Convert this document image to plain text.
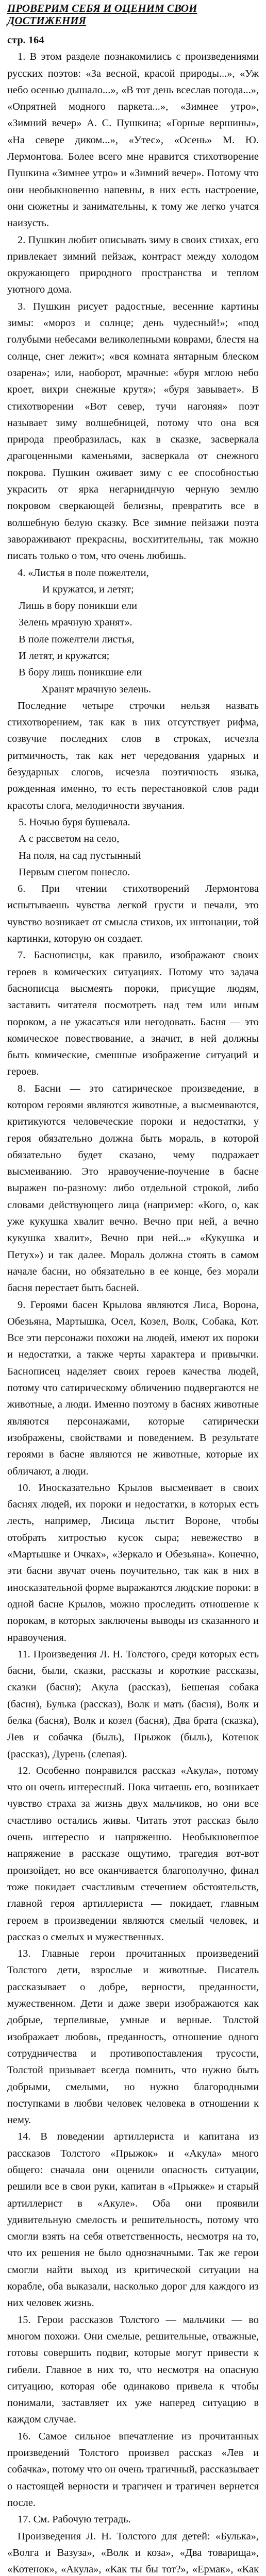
ПРОВЕРИМ СЕБЯ И ОЦЕНИМ СВОИ ДОСТИЖЕНИЯ

стр. 164

1. В этом разделе познакомились с произведениями русских поэтов: «За весной, красой природы...», «Уж небо осенью дышало...», «В тот день всеслав погода...», «Опрятней модного паркета...», «Зимнее утро», «Зимний вечер» А. С. Пушкина; «Горные вершины», «На севере диком...», «Утес», «Осень» М. Ю. Лермонтова. Более всего мне нравится стихотворение Пушкина «Зимнее утро» и «Зимний вечер». Потому что они необыкновенно напевны, в них есть настроение, они сюжетны и занимательны, к тому же легко учатся наизусть.

2. Пушкин любит описывать зиму в своих стихах, его привлекает зимний пейзаж, контраст между холодом окружающего природного пространства и теплом уютного дома.

3. Пушкин рисует радостные, весенние картины зимы: «мороз и солнце; день чудесный!»; «под голубыми небесами великолепными коврами, блестя на солнце, снег лежит»; «вся комната янтарным блеском озарена»; или, наоборот, мрачные: «буря мглою небо кроет, вихри снежные крутя»; «буря завывает». В стихотворении «Вот север, тучи нагоняя» поэт называет зиму волшебницей, потому что она вся природа преобразилась, как в сказке, засверкала драгоценными каменьями, засверкала от снежного покрова. Пушкин оживает зиму с ее способностью украсить от ярка негарниднчую черную землю покровом сверкающей белизны, превратить все в волшебную белую сказку. Все зимние пейзажи поэта завораживают прекрасны, восхитительны, так можно писать только о том, что очень любишь.

4. «Листья в поле пожелтели,

И кружатся, и летят;

Лишь в бору поникши ели

Зелень мрачную хранят».

В поле пожелтели листья,

И летят, и кружатся;

В бору лишь поникшие ели

Хранят мрачную зелень.

Последние четыре строчки нельзя назвать стихотворением, так как в них отсутствует рифма, созвучие последних слов в строках, исчезла ритмичность, так как нет чередования ударных и безударных слогов, исчезла поэтичность языка, рожденная именно, то есть перестановкой слов ради красоты слога, мелодичности звучания.

5. Ночью буря бушевала.

А с рассветом на село,

На поля, на сад пустынный

Первым снегом понесло.

6. При чтении стихотворений Лермонтова испытываешь чувства легкой грусти и печали, это чувство возникает от смысла стихов, их интонации, той картинки, которую он создает.

7. Баснописцы, как правило, изображают своих героев в комических ситуациях. Потому что задача баснописца высмеять пороки, присущие людям, заставить читателя посмотреть над тем или иным пороком, а не ужасаться или негодовать. Басня — это комическое повествование, а значит, в ней должны быть комические, смешные изображение ситуаций и героев.

8. Басни — это сатирическое произведение, в котором героями являются животные, а высмеиваются, критикуются человеческие пороки и недостатки, у героя обязательно должна быть мораль, в которой обязательно будет сказано, чему подражает высмеиванию. Это нравоучение-поучение в басне выражен по-разному: либо отдельной строкой, либо словами действующего лица (например: «Кого, о, как уже кукушка хвалит вечно. Вечно при ней, а вечно кукушка хвалит», Вечно при ней...» «Кукушка и Петух») и так далее. Мораль должна стоять в самом начале басни, но обязательно в ее конце, без морали басня перестает быть басней.

9. Героями басен Крылова являются Лиса, Ворона, Обезьяна, Мартышка, Осел, Козел, Волк, Собака, Кот. Все эти персонажи похожи на людей, имеют их пороки и недостатки, а также черты характера и привычки. Баснописец наделяет своих героев качества людей, потому что сатирическому обличению подвергаются не животные, а люди. Именно поэтому в баснях животные являются персонажами, которые сатирически изображены, свойствами и поведением. В результате героями в басне являются не животные, которые их обличают, а люди.

10. Иносказательно Крылов высмеивает в своих баснях людей, их пороки и недостатки, в которых есть лесть, например, Лисица льстит Вороне, чтобы отобрать хитростью кусок сыра; невежество в «Мартышке и Очках», «Зеркало и Обезьяна». Конечно, эти басни звучат очень поучительно, так как в них в иносказательной форме выражаются людские пороки: в одной басне Крылов, можно проследить отношение к порокам, в которых заключены выводы из сказанного и нравоучения.

11. Произведения Л. Н. Толстого, среди которых есть басни, были, сказки, рассказы и короткие рассказы, сказки (басня); Акула (рассказ), Бешеная собака (басня), Булька (рассказ), Волк и мать (басня), Волк и белка (басня), Волк и козел (басня), Два брата (сказка), Лев и собачка (быль), Прыжок (быль), Котенок (рассказ), Дурень (слепая).

12. Особенно понравился рассказ «Акула», потому что он очень интересный. Пока читаешь его, возникает чувство страха за жизнь двух мальчиков, но они все счастливо остались живы. Читать этот рассказ было очень интересно и напряженно. Необыкновенное напряжение в рассказе ощутимо, трагедия вот-вот произойдет, но все оканчивается благополучно, финал тоже покидает счастливым стечением обстоятельств, главной героя артиллериста — покидает, главным героем в произведении являются смелый человек, и рассказ о смелых и мужественных.

13. Главные герои прочитанных произведений Толстого дети, взрослые и животные. Писатель рассказывает о добре, верности, преданности, мужественном. Дети и даже звери изображаются как добрые, терпеливые, умные и верные. Толстой изображает любовь, преданность, отношение одного сотрудничества и противопоставления трусости, Толстой призывает всегда помнить, что нужно быть добрыми, смелыми, но нужно благородными поступками в любви человек человека в отношении к нему.

14. В поведении артиллериста и капитана из рассказов Толстого «Прыжок» и «Акула» много общего: сначала они оценили опасность ситуации, решили все в свои руки, капитан в «Прыжке» и старый артиллерист в «Акуле». Оба они проявили удивительную смелость и решительность, потому что смогли взять на себя ответственность, несмотря на то, что их решения не было однозначными. Так же герои смогли найти выход из критической ситуации на корабле, оба выказали, насколько дорог для каждого из них человек жизнь.

15. Герои рассказов Толстого — мальчики — во многом похожи. Они смелые, решительные, отважные, готовы совершить подвиг, которые могут привести к гибели. Главное в них то, что несмотря на опасную ситуацию, которая обе одинаково привела к чтобы понимали, заставляет их уже наперед ситуацию в каждом случае.

16. Самое сильное впечатление из прочитанных произведений Толстого произвел рассказ «Лев и собачка», потому что он очень трагичный, рассказывает о настоящей верности и трагичен и трагичен вернется после.

17. См. Рабочую тетрадь.

Произведения Л. Н. Толстого для детей: «Булька», «Волга и Вазуза», «Волк и коза», «Два товарища», «Котенок», «Акула», «Как ты бы тот?», «Ермак», «Как
